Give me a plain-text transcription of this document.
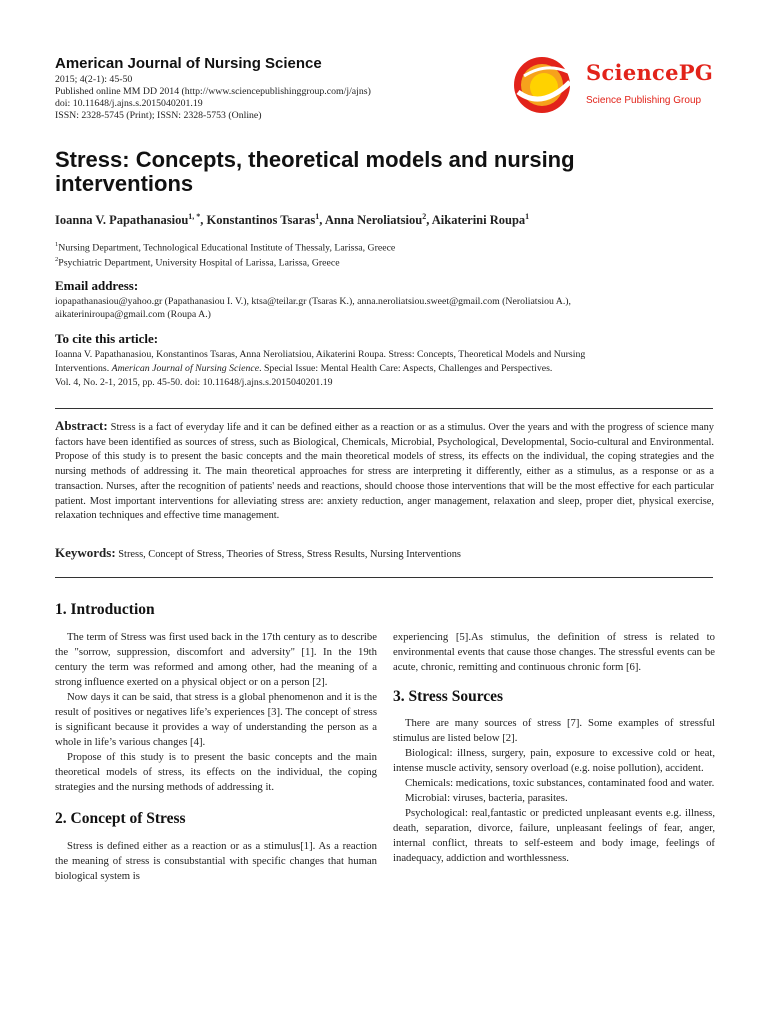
American Journal of Nursing Science
2015; 4(2-1): 45-50
Published online MM DD 2014 (http://www.sciencepublishinggroup.com/j/ajns)
doi: 10.11648/j.ajns.s.2015040201.19
ISSN: 2328-5745 (Print); ISSN: 2328-5753 (Online)
SciencePG
Science Publishing Group
Stress: Concepts, theoretical models and nursing interventions
Ioanna V. Papathanasiou$^{1, *}$, Konstantinos Tsaras$^1$, Anna Neroliatsiou$^2$, Aikaterini Roupa$^1$
$^1$Nursing Department, Technological Educational Institute of Thessaly, Larissa, Greece
$^2$Psychiatric Department, University Hospital of Larissa, Larissa, Greece
Email address:
iopapathanasiou@yahoo.gr (Papathanasiou I. V.), ktsa@teilar.gr (Tsaras K.), anna.neroliatsiou.sweet@gmail.com (Neroliatsiou A.),
aikaterinir​oupa@gmail.com (Roupa A.)
To cite this article:
Ioanna V. Papathanasiou, Konstantinos Tsaras, Anna Neroliatsiou, Aikaterini Roupa. Stress: Concepts, Theoretical Models and Nursing
Interventions. American Journal of Nursing Science. Special Issue: Mental Health Care: Aspects, Challenges and Perspectives.
Vol. 4, No. 2-1, 2015, pp. 45-50. doi: 10.11648/j.ajns.s.2015040201.19
Abstract: Stress is a fact of everyday life and it can be defined either as a reaction or as a stimulus. Over the years and with the progress of science many factors have been identified as sources of stress, such as Biological, Chemicals, Microbial, Psychological, Developmental, Socio-cultural and Environmental. Propose of this study is to present the basic concepts and the main theoretical models of stress, its effects on the individual, the coping strategies and the nursing methods of addressing it. The main theoretical approaches for stress are interpreting it differently, either as a stimulus, as a response or as a transaction. Nurses, after the recognition of patients' needs and reactions, should choose those interventions that will be the most effective for each particular patient. Most important interventions for alleviating stress are: anxiety reduction, anger management, relaxation and sleep, proper diet, physical exercise, relaxation techniques and effective time management.
Keywords: Stress, Concept of Stress, Theories of Stress, Stress Results, Nursing Interventions
1. Introduction

The term of Stress was first used back in the 17th century as to describe the "sorrow, suppression, discomfort and adversity" [1]. In the 19th century the term was reformed and among other, had the meaning of a strong influence exerted on a physical object or on a person [2].

Now days it can be said, that stress is a global phenomenon and it is the result of positives or negatives life’s experiences [3]. The concept of stress is significant because it provides a way of understanding the person as a whole in life’s various changes [4].

Propose of this study is to present the basic concepts and the main theoretical models of stress, its effects on the individual, the coping strategies and the nursing methods of addressing it.

2. Concept of Stress

Stress is defined either as a reaction or as a stimulus[1]. As a reaction the meaning of stress is consubstantial with specific changes that human biological system is

experiencing [5].As stimulus, the definition of stress is related to environmental events that cause those changes. The stressful events can be acute, chronic, remitting and continuous chronic form [6].

3. Stress Sources

There are many sources of stress [7]. Some examples of stressful stimulus are listed below [2].

Biological: illness, surgery, pain, exposure to excessive cold or heat, intense muscle activity, sensory overload (e.g. noise pollution), accident.

Chemicals: medications, toxic substances, contaminated food and water.

Microbial: viruses, bacteria, parasites.

Psychological: real,fantastic or predicted unpleasant events e.g. illness, death, separation, divorce, failure, unpleasant feelings of fear, anger, internal conflict, threats to self-esteem and body image, feelings of inadequacy, addiction and worthlessness.
